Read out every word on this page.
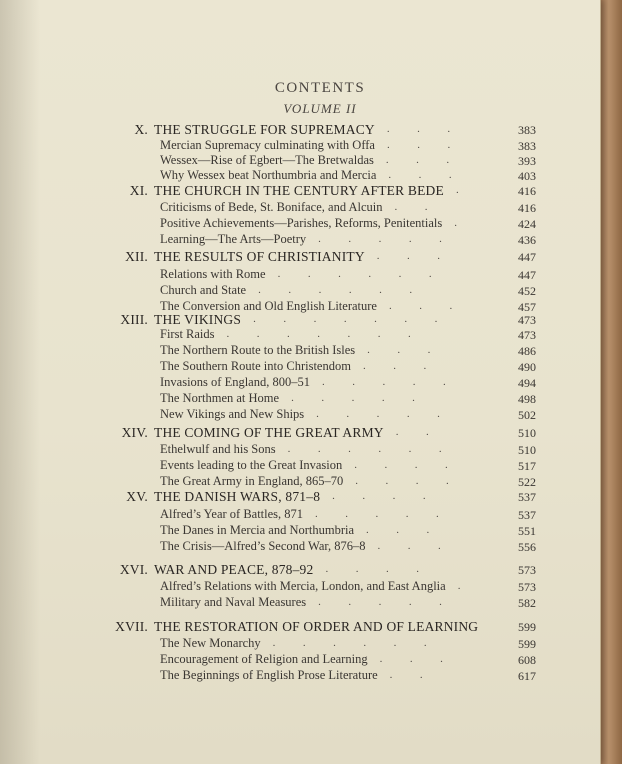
CONTENTS
VOLUME II
X. THE STRUGGLE FOR SUPREMACY .          .          .	383
Mercian Supremacy culminating with Offa .          .          .	383
Wessex—Rise of Egbert—The Bretwaldas .          .          .	393
Why Wessex beat Northumbria and Mercia .          .          .	403
XI. THE CHURCH IN THE CENTURY AFTER BEDE .	416
Criticisms of Bede, St. Boniface, and Alcuin .          .	416
Positive Achievements—Parishes, Reforms, Penitentials .	424
Learning—The Arts—Poetry .          .          .          .          .	436
XII. THE RESULTS OF CHRISTIANITY .          .          .	447
Relations with Rome .          .          .          .          .          .	447
Church and State .          .          .          .          .          .	452
The Conversion and Old English Literature .          .          .	457
XIII. THE VIKINGS .          .          .          .          .          .          .	473
First Raids .          .          .          .          .          .          .	473
The Northern Route to the British Isles .          .          .	486
The Southern Route into Christendom .          .          .	490
Invasions of England, 800–51 .          .          .          .          .	494
The Northmen at Home .          .          .          .          .	498
New Vikings and New Ships .          .          .          .          .	502
XIV. THE COMING OF THE GREAT ARMY .          .	510
Ethelwulf and his Sons .          .          .          .          .          .	510
Events leading to the Great Invasion .          .          .          .	517
The Great Army in England, 865–70 .          .          .          .	522
XV. THE DANISH WARS, 871–8 .          .          .          .	537
Alfred’s Year of Battles, 871 .          .          .          .          .	537
The Danes in Mercia and Northumbria .          .          .	551
The Crisis—Alfred’s Second War, 876–8 .          .          .	556
XVI. WAR AND PEACE, 878–92 .          .          .          .	573
Alfred’s Relations with Mercia, London, and East Anglia .	573
Military and Naval Measures .          .          .          .          .	582
XVII. THE RESTORATION OF ORDER AND OF LEARNING	599
The New Monarchy .          .          .          .          .          .	599
Encouragement of Religion and Learning .          .          .	608
The Beginnings of English Prose Literature .          .	617
